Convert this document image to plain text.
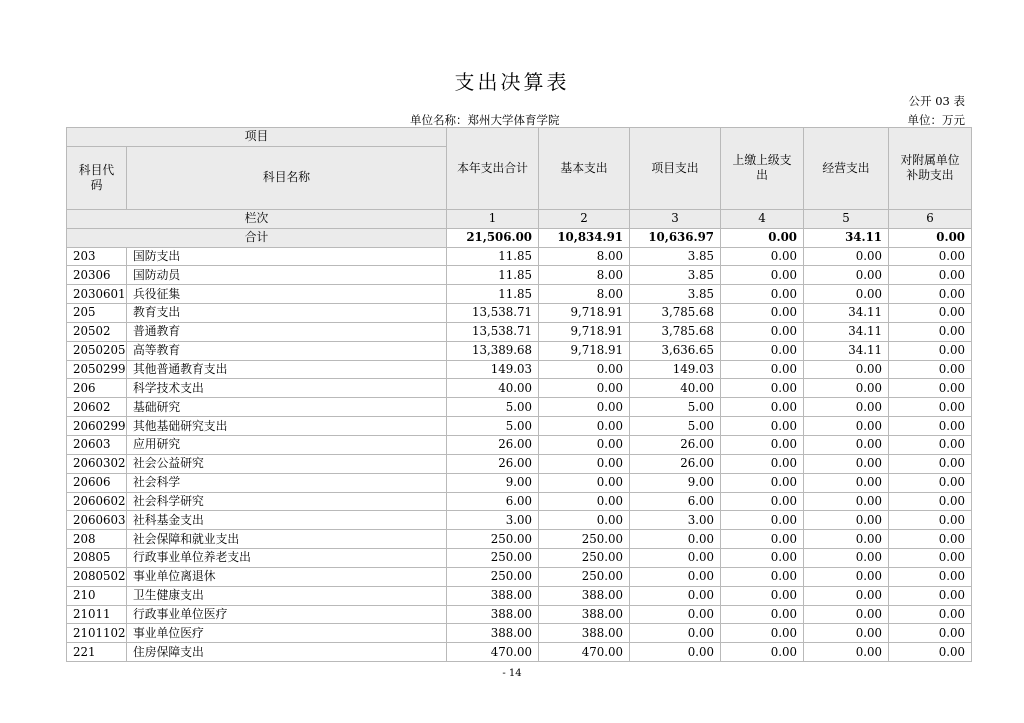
支出决算表
公开 03 表
单位名称：郑州大学体育学院	单位：万元
项目		本年支出合计	基本支出	项目支出	上缴上级支出	经营支出	对附属单位补助支出
科目代码	科目名称						
栏次		1	2	3	4	5	6
合计		21,506.00	10,834.91	10,636.97	0.00	34.11	0.00
203	国防支出	11.85	8.00	3.85	0.00	0.00	0.00
20306	国防动员	11.85	8.00	3.85	0.00	0.00	0.00
2030601	兵役征集	11.85	8.00	3.85	0.00	0.00	0.00
205	教育支出	13,538.71	9,718.91	3,785.68	0.00	34.11	0.00
20502	普通教育	13,538.71	9,718.91	3,785.68	0.00	34.11	0.00
2050205	高等教育	13,389.68	9,718.91	3,636.65	0.00	34.11	0.00
2050299	其他普通教育支出	149.03	0.00	149.03	0.00	0.00	0.00
206	科学技术支出	40.00	0.00	40.00	0.00	0.00	0.00
20602	基础研究	5.00	0.00	5.00	0.00	0.00	0.00
2060299	其他基础研究支出	5.00	0.00	5.00	0.00	0.00	0.00
20603	应用研究	26.00	0.00	26.00	0.00	0.00	0.00
2060302	社会公益研究	26.00	0.00	26.00	0.00	0.00	0.00
20606	社会科学	9.00	0.00	9.00	0.00	0.00	0.00
2060602	社会科学研究	6.00	0.00	6.00	0.00	0.00	0.00
2060603	社科基金支出	3.00	0.00	3.00	0.00	0.00	0.00
208	社会保障和就业支出	250.00	250.00	0.00	0.00	0.00	0.00
20805	行政事业单位养老支出	250.00	250.00	0.00	0.00	0.00	0.00
2080502	事业单位离退休	250.00	250.00	0.00	0.00	0.00	0.00
210	卫生健康支出	388.00	388.00	0.00	0.00	0.00	0.00
21011	行政事业单位医疗	388.00	388.00	0.00	0.00	0.00	0.00
2101102	事业单位医疗	388.00	388.00	0.00	0.00	0.00	0.00
221	住房保障支出	470.00	470.00	0.00	0.00	0.00	0.00
- 14
